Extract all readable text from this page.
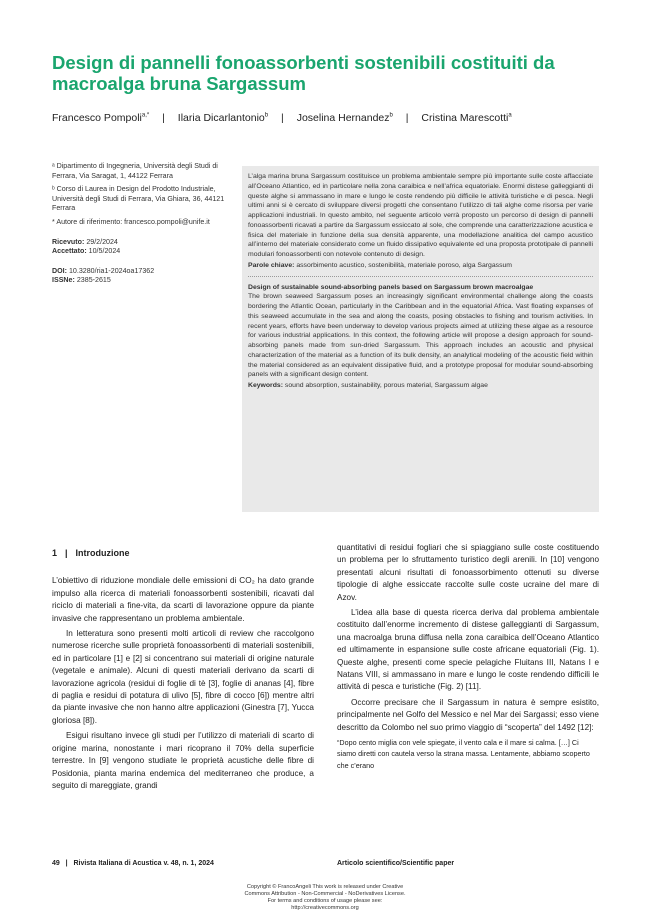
Design di pannelli fonoassorbenti sostenibili costituiti da macroalga bruna Sargassum
Francesco Pompoli$^{a,*}$ | Ilaria Dicarlantonio$^b$ | Joselina Hernandez$^b$ | Cristina Marescotti$^a$

ᵃ Dipartimento di Ingegneria, Università degli Studi di Ferrara, Via Saragat, 1, 44122 Ferrara

ᵇ Corso di Laurea in Design del Prodotto Industriale, Università degli Studi di Ferrara, Via Ghiara, 36, 44121 Ferrara

* Autore di riferimento: francesco.pompoli@unife.it

Ricevuto: 29/2/2024
Accettato: 10/5/2024

DOI: 10.3280/ria1-2024oa17362
ISSNe: 2385-2615

L’alga marina bruna Sargassum costituisce un problema ambientale sempre più importante sulle coste affacciate all’Oceano Atlantico, ed in particolare nella zona caraibica e nell’africa equatoriale. Enormi distese galleggianti di queste alghe si ammassano in mare e lungo le coste rendendo più difficile le attività turistiche e di pesca. Negli ultimi anni si è cercato di sviluppare diversi progetti che consentano l’utilizzo di tali alghe come risorsa per varie applicazioni industriali. In questo ambito, nel seguente articolo verrà proposto un percorso di design di pannelli fonoassorbenti ricavati a partire da Sargassum essiccato al sole, che comprende una caratterizzazione acustica e fisica del materiale in funzione della sua densità apparente, una modellazione analitica del campo acustico all’interno del materiale considerato come un fluido dissipativo equivalente ed una proposta prototipale di pannelli modulari fonoassorbenti con notevole contenuto di design.

Parole chiave: assorbimento acustico, sostenibilità, materiale poroso, alga Sargassum

Design of sustainable sound-absorbing panels based on Sargassum brown macroalgae

The brown seaweed Sargassum poses an increasingly significant environmental challenge along the coasts bordering the Atlantic Ocean, particularly in the Caribbean and in the equatorial Africa. Vast floating expanses of this seaweed accumulate in the sea and along the coasts, posing obstacles to fishing and tourism activities. In recent years, efforts have been underway to develop various projects aimed at utilizing these algae as a resource for various industrial applications. In this context, the following article will propose a design approach for sound-absorbing panels made from sun-dried Sargassum. This approach includes an acoustic and physical characterization of the material as a function of its bulk density, an analytical modeling of the acoustic field within the material considered as an equivalent dissipative fluid, and a prototype proposal for modular sound-absorbing panels with a significant design content.

Keywords: sound absorption, sustainability, porous material, Sargassum algae

1 | Introduzione

L’obiettivo di riduzione mondiale delle emissioni di CO₂ ha dato grande impulso alla ricerca di materiali fonoassorbenti sostenibili, ricavati dal riciclo di materiali a fine-vita, da scarti di lavorazione oppure da piante invasive che rappresentano un problema ambientale.

In letteratura sono presenti molti articoli di review che raccolgono numerose ricerche sulle proprietà fonoassorbenti di materiali sostenibili, ed in particolare [1] e [2] si concentrano sui materiali di origine naturale (vegetale e animale). Alcuni di questi materiali derivano da scarti di lavorazione agricola (residui di foglie di tè [3], foglie di ananas [4], fibre di paglia e residui di potatura di ulivo [5], fibre di cocco [6]) mentre altri da piante invasive che non hanno altre applicazioni (Ginestra [7], Yucca gloriosa [8]).

Esigui risultano invece gli studi per l’utilizzo di materiali di scarto di origine marina, nonostante i mari ricoprano il 70% della superficie terrestre. In [9] vengono studiate le proprietà acustiche delle fibre di Posidonia, pianta marina endemica del mediterraneo che produce, a seguito di mareggiate, grandi

quantitativi di residui fogliari che si spiaggiano sulle coste costituendo un problema per lo sfruttamento turistico degli arenili. In [10] vengono presentati alcuni risultati di fonoassorbimento ottenuti su diverse tipologie di alghe essiccate raccolte sulle coste ucraine del mare di Azov.

L’idea alla base di questa ricerca deriva dal problema ambientale costituito dall’enorme incremento di distese galleggianti di Sargassum, una macroalga bruna diffusa nella zona caraibica dell’Oceano Atlantico ed ultimamente in espansione sulle coste africane equatoriali (Fig. 1). Queste alghe, presenti come specie pelagiche Fluitans III, Natans I e Natans VIII, si ammassano in mare e lungo le coste rendendo difficili le attività di pesca e turistiche (Fig. 2) [11].

Occorre precisare che il Sargassum in natura è sempre esistito, principalmente nel Golfo del Messico e nel Mar dei Sargassi; esso viene descritto da Colombo nel suo primo viaggio di “scoperta” del 1492 [12]:

“Dopo cento miglia con vele spiegate, il vento cala e il mare si calma. […] Ci siamo diretti con cautela verso la strana massa. Lentamente, abbiamo scoperto che c’erano

49 | Rivista Italiana di Acustica v. 48, n. 1, 2024	Articolo scientifico/Scientific paper
Copyright © FrancoAngeli This work is released under Creative
Commons Attribution - Non-Commercial - NoDerivatives License.
For terms and conditions of usage please see:
http://creativecommons.org
